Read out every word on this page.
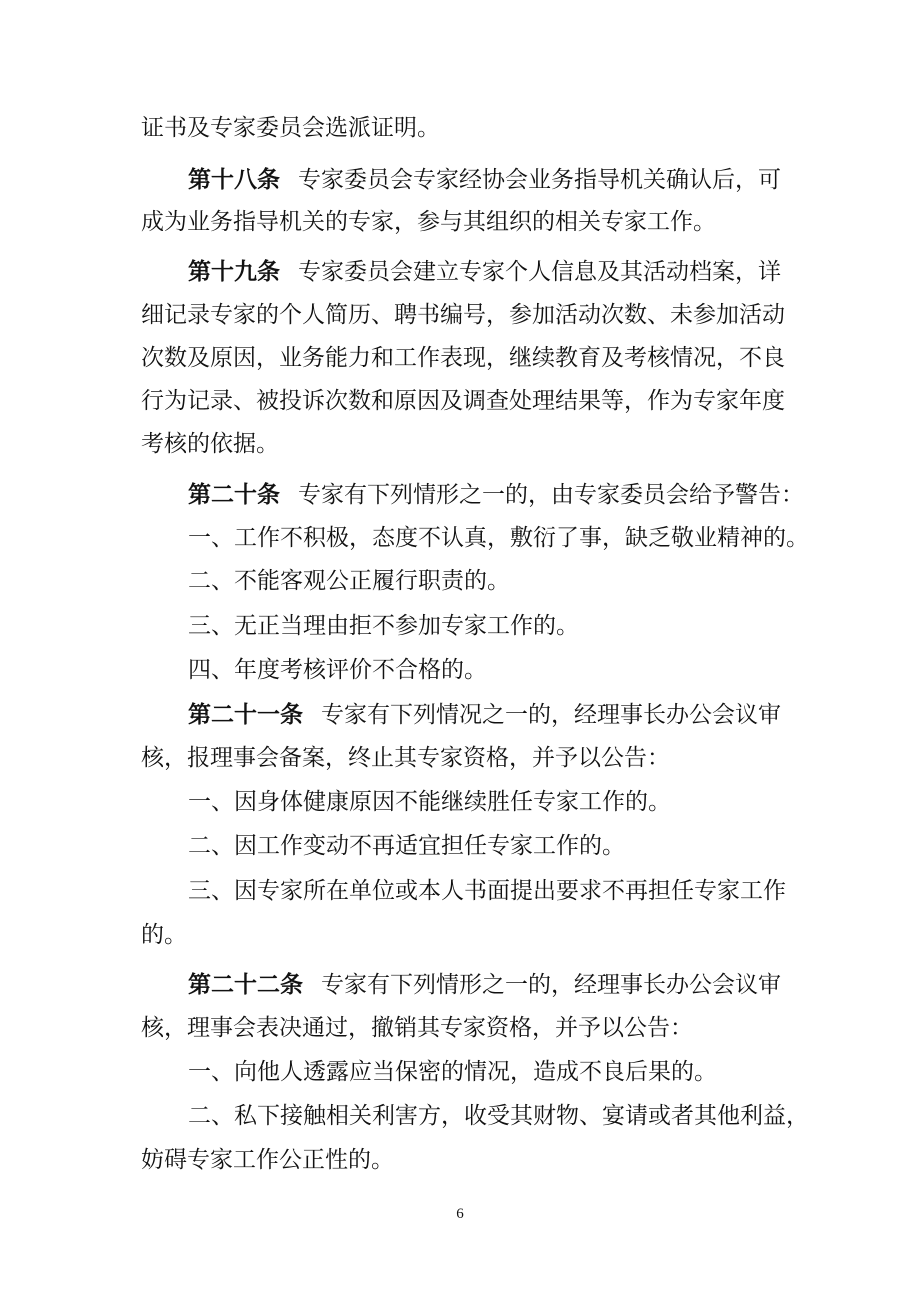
证书及专家委员会选派证明。
第十八条 专家委员会专家经协会业务指导机关确认后，可
成为业务指导机关的专家，参与其组织的相关专家工作。
第十九条 专家委员会建立专家个人信息及其活动档案，详
细记录专家的个人简历、聘书编号，参加活动次数、未参加活动
次数及原因，业务能力和工作表现，继续教育及考核情况，不良
行为记录、被投诉次数和原因及调查处理结果等，作为专家年度
考核的依据。
第二十条 专家有下列情形之一的，由专家委员会给予警告：
一、工作不积极，态度不认真，敷衍了事，缺乏敬业精神的。
二、不能客观公正履行职责的。
三、无正当理由拒不参加专家工作的。
四、年度考核评价不合格的。
第二十一条 专家有下列情况之一的，经理事长办公会议审
核，报理事会备案，终止其专家资格，并予以公告：
一、因身体健康原因不能继续胜任专家工作的。
二、因工作变动不再适宜担任专家工作的。
三、因专家所在单位或本人书面提出要求不再担任专家工作
的。
第二十二条 专家有下列情形之一的，经理事长办公会议审
核，理事会表决通过，撤销其专家资格，并予以公告：
一、向他人透露应当保密的情况，造成不良后果的。
二、私下接触相关利害方，收受其财物、宴请或者其他利益，
妨碍专家工作公正性的。
6
